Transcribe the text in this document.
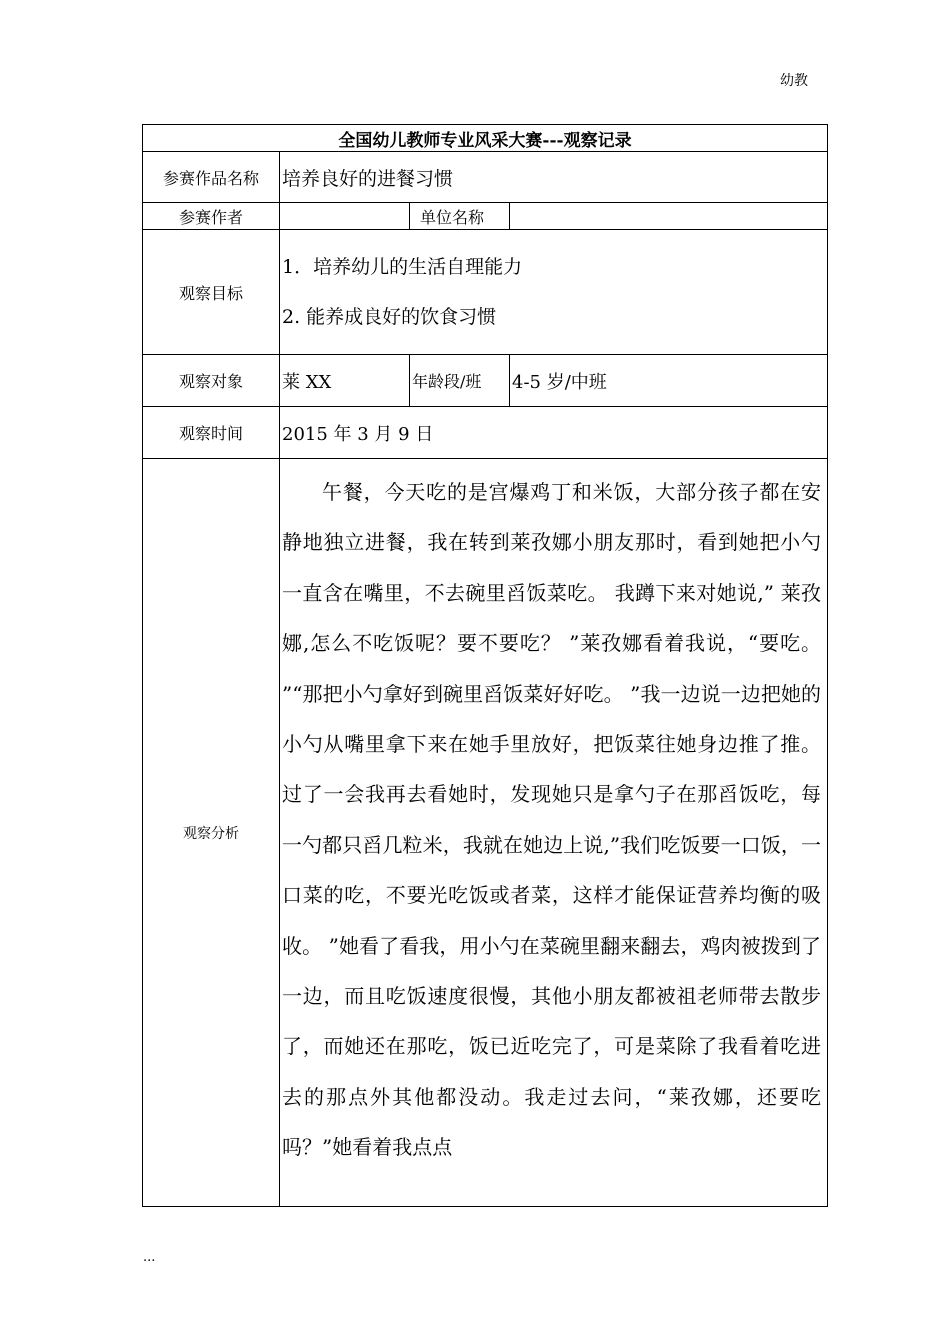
幼教
全国幼儿教师专业风采大赛---观察记录			
参赛作品名称	培养良好的进餐习惯		
参赛作者		单位名称	
观察目标	1．培养幼儿的生活自理能力
2. 能养成良好的饮食习惯		

观察对象	莱 XX	年龄段/班	4-5 岁/中班
观察时间	2015 年 3 月 9 日		
观察分析	午餐，今天吃的是宫爆鸡丁和米饭，大部分孩子都在安静地独立进餐，我在转到莱孜娜小朋友那时，看到她把小勺一直含在嘴里，不去碗里舀饭菜吃。 我蹲下来对她说,” 莱孜娜,怎么不吃饭呢？要不要吃？ ”莱孜娜看着我说，“要吃。 ”“那把小勺拿好到碗里舀饭菜好好吃。 ”我一边说一边把她的小勺从嘴里拿下来在她手里放好，把饭菜往她身边推了推。 过了一会我再去看她时，发现她只是拿勺子在那舀饭吃，每一勺都只舀几粒米，我就在她边上说,”我们吃饭要一口饭，一口菜的吃，不要光吃饭或者菜，这样才能保证营养均衡的吸收。 ”她看了看我，用小勺在菜碗里翻来翻去，鸡肉被拨到了一边，而且吃饭速度很慢，其他小朋友都被祖老师带去散步了，而她还在那吃，饭已近吃完了，可是菜除了我看着吃进去的那点外其他都没动。我走过去问，“莱孜娜，还要吃吗？”她看着我点点		
...
